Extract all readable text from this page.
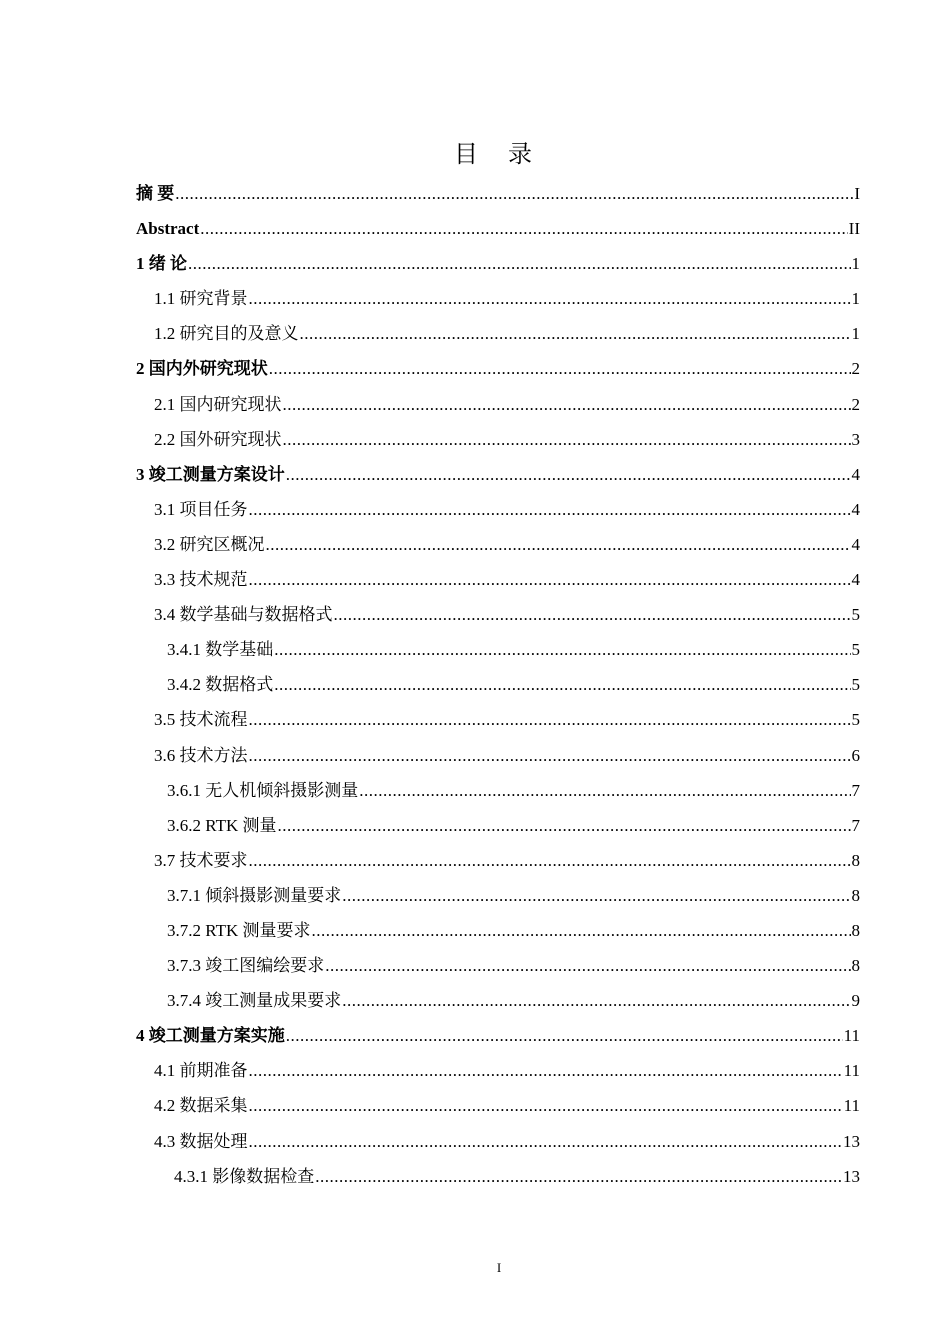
目 录
摘 要 .....	I
Abstract .....	II
1 绪 论 .....	1
1.1 研究背景 .....	1
1.2 研究目的及意义 .....	1
2 国内外研究现状 .....	2
2.1 国内研究现状 .....	2
2.2 国外研究现状 .....	3
3 竣工测量方案设计 .....	4
3.1 项目任务 .....	4
3.2 研究区概况 .....	4
3.3 技术规范 .....	4
3.4 数学基础与数据格式 .....	5
3.4.1 数学基础 .....	5
3.4.2 数据格式 .....	5
3.5 技术流程 .....	5
3.6 技术方法 .....	6
3.6.1 无人机倾斜摄影测量 .....	7
3.6.2 RTK 测量 .....	7
3.7 技术要求 .....	8
3.7.1 倾斜摄影测量要求 .....	8
3.7.2 RTK 测量要求 .....	8
3.7.3 竣工图编绘要求 .....	8
3.7.4 竣工测量成果要求 .....	9
4 竣工测量方案实施 .....	11
4.1 前期准备 .....	11
4.2 数据采集 .....	11
4.3 数据处理 .....	13
4.3.1 影像数据检查 .....	13
I
